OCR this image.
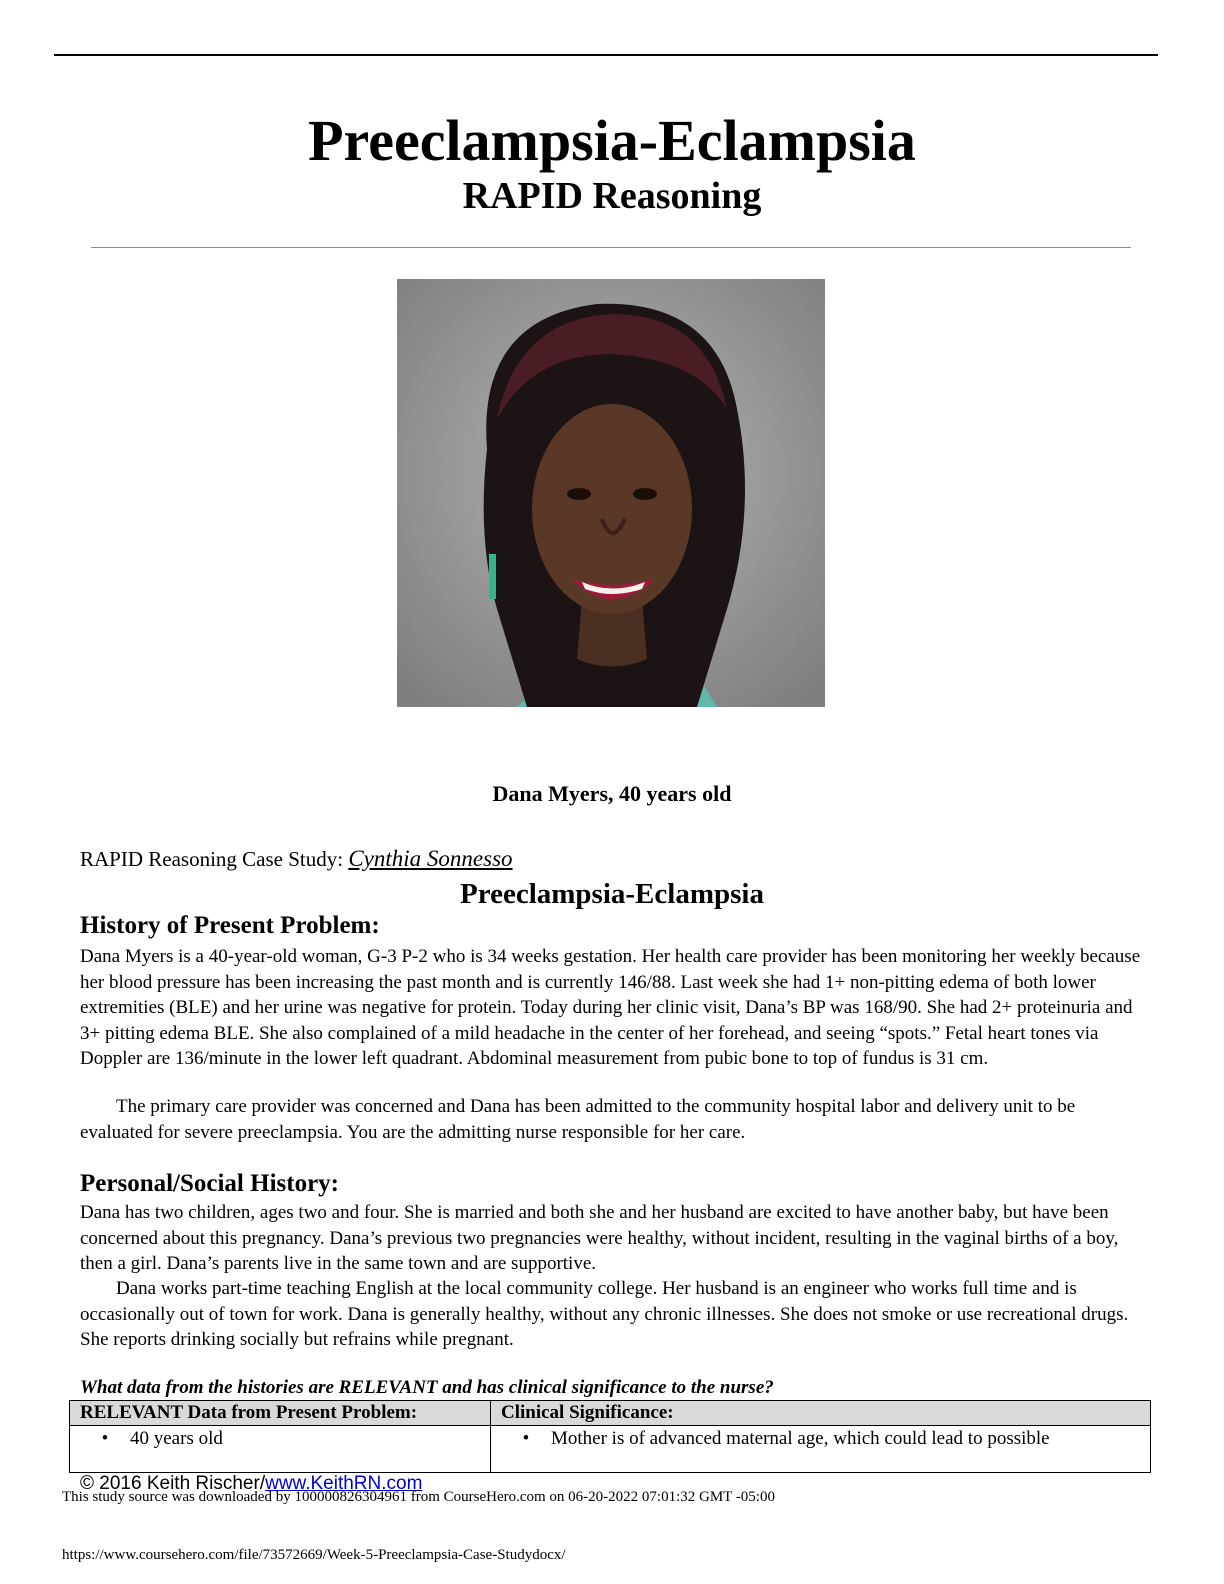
Preeclampsia-Eclampsia
RAPID Reasoning
Dana Myers, 40 years old
RAPID Reasoning Case Study: Cynthia Sonnesso
Preeclampsia-Eclampsia
History of Present Problem:

Dana Myers is a 40-year-old woman, G-3 P-2 who is 34 weeks gestation. Her health care provider has been monitoring her weekly because her blood pressure has been increasing the past month and is currently 146/88. Last week she had 1+ non-pitting edema of both lower extremities (BLE) and her urine was negative for protein. Today during her clinic visit, Dana’s BP was 168/90. She had 2+ proteinuria and 3+ pitting edema BLE. She also complained of a mild headache in the center of her forehead, and seeing “spots.” Fetal heart tones via Doppler are 136/minute in the lower left quadrant. Abdominal measurement from pubic bone to top of fundus is 31 cm.

The primary care provider was concerned and Dana has been admitted to the community hospital labor and delivery unit to be evaluated for severe preeclampsia. You are the admitting nurse responsible for her care.

Personal/Social History:

Dana has two children, ages two and four. She is married and both she and her husband are excited to have another baby, but have been concerned about this pregnancy. Dana’s previous two pregnancies were healthy, without incident, resulting in the vaginal births of a boy, then a girl. Dana’s parents live in the same town and are supportive.

Dana works part-time teaching English at the local community college. Her husband is an engineer who works full time and is occasionally out of town for work. Dana is generally healthy, without any chronic illnesses. She does not smoke or use recreational drugs. She reports drinking socially but refrains while pregnant.

What data from the histories are RELEVANT and has clinical significance to the nurse?
RELEVANT Data from Present Problem:	Clinical Significance:
• 40 years old	• Mother is of advanced maternal age, which could lead to possible
© 2016 Keith Rischer/www.KeithRN.com
This study source was downloaded by 100000826304961 from CourseHero.com on 06-20-2022 07:01:32 GMT -05:00
https://www.coursehero.com/file/73572669/Week-5-Preeclampsia-Case-Studydocx/
